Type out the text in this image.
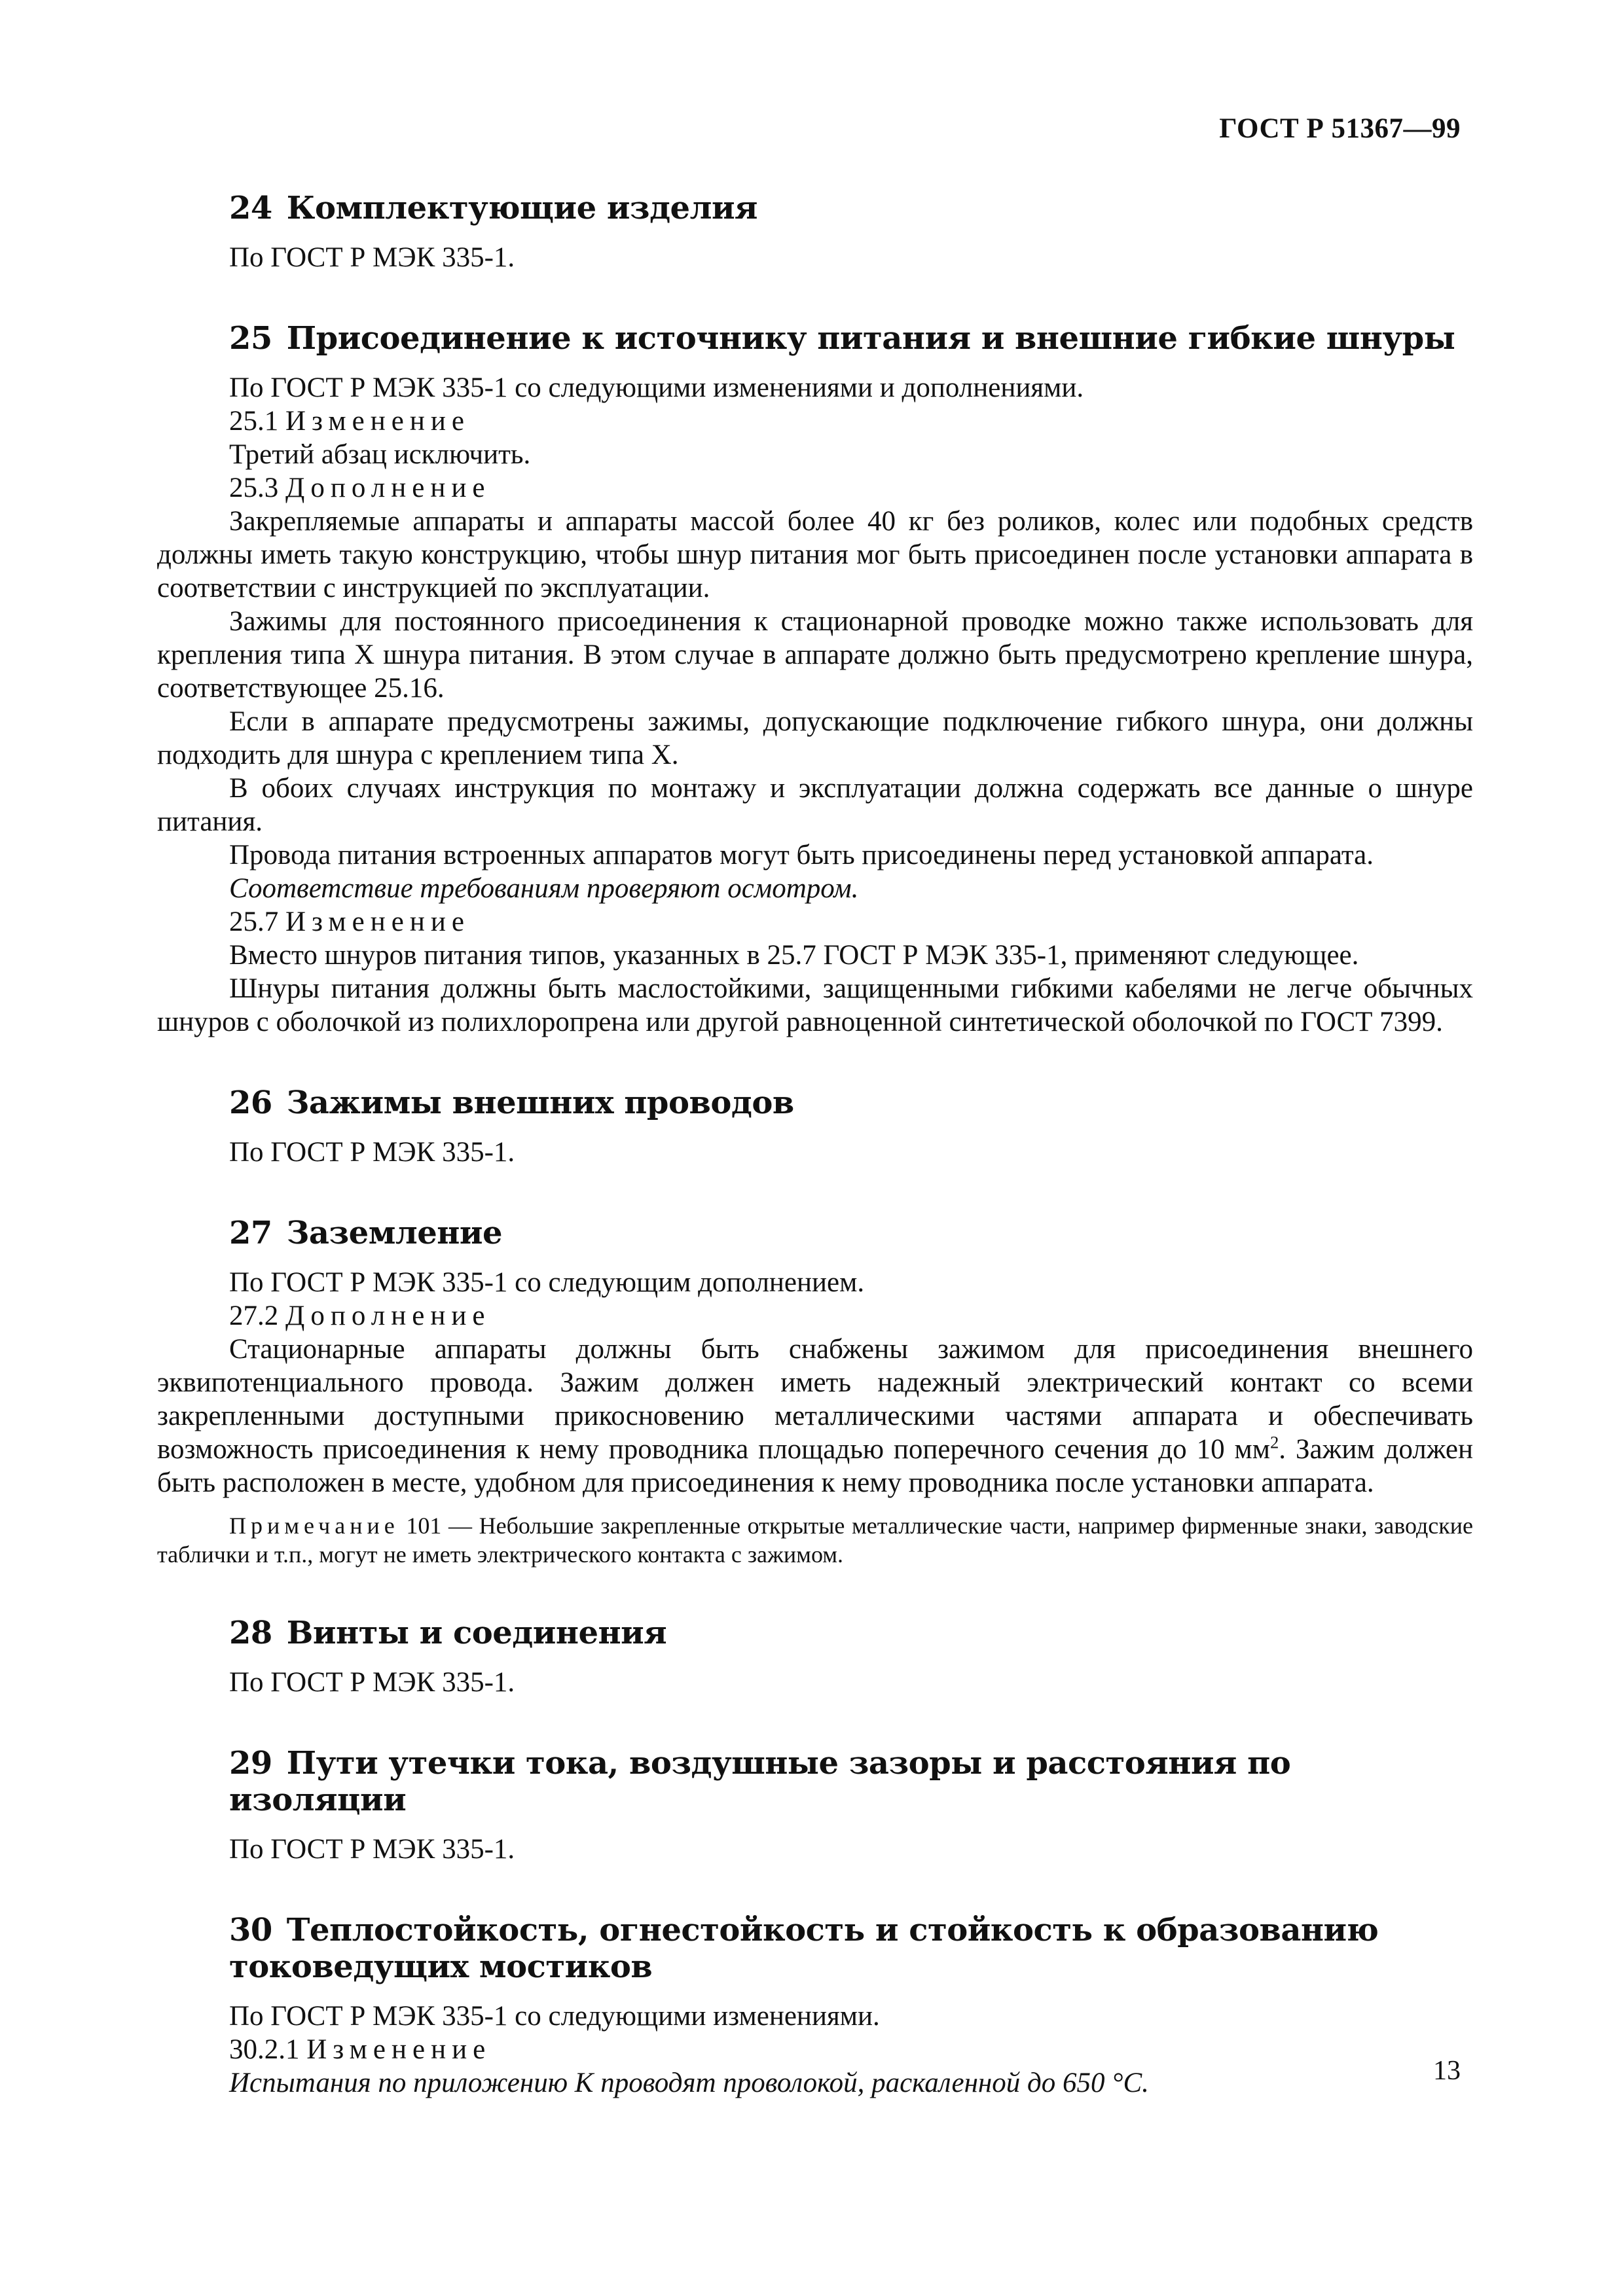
ГОСТ Р 51367—99
24 Комплектующие изделия

По ГОСТ Р МЭК 335-1.

25 Присоединение к источнику питания и внешние гибкие шнуры

По ГОСТ Р МЭК 335-1 со следующими изменениями и дополнениями.

25.1 Изменение

Третий абзац исключить.

25.3 Дополнение

Закрепляемые аппараты и аппараты массой более 40 кг без роликов, колес или подобных средств должны иметь такую конструкцию, чтобы шнур питания мог быть присоединен после установки аппарата в соответствии с инструкцией по эксплуатации.

Зажимы для постоянного присоединения к стационарной проводке можно также использовать для крепления типа X шнура питания. В этом случае в аппарате должно быть предусмотрено крепление шнура, соответствующее 25.16.

Если в аппарате предусмотрены зажимы, допускающие подключение гибкого шнура, они должны подходить для шнура с креплением типа X.

В обоих случаях инструкция по монтажу и эксплуатации должна содержать все данные о шнуре питания.

Провода питания встроенных аппаратов могут быть присоединены перед установкой аппарата.

Соответствие требованиям проверяют осмотром.

25.7 Изменение

Вместо шнуров питания типов, указанных в 25.7 ГОСТ Р МЭК 335-1, применяют следующее.

Шнуры питания должны быть маслостойкими, защищенными гибкими кабелями не легче обычных шнуров с оболочкой из полихлоропрена или другой равноценной синтетической оболочкой по ГОСТ 7399.

26 Зажимы внешних проводов

По ГОСТ Р МЭК 335-1.

27 Заземление

По ГОСТ Р МЭК 335-1 со следующим дополнением.

27.2 Дополнение

Стационарные аппараты должны быть снабжены зажимом для присоединения внешнего эквипотенциального провода. Зажим должен иметь надежный электрический контакт со всеми закрепленными доступными прикосновению металлическими частями аппарата и обеспечивать возможность присоединения к нему проводника площадью поперечного сечения до 10 $мм^2$. Зажим должен быть расположен в месте, удобном для присоединения к нему проводника после установки аппарата.

Примечание 101 — Небольшие закрепленные открытые металлические части, например фирменные знаки, заводские таблички и т.п., могут не иметь электрического контакта с зажимом.

28 Винты и соединения

По ГОСТ Р МЭК 335-1.

29 Пути утечки тока, воздушные зазоры и расстояния по изоляции

По ГОСТ Р МЭК 335-1.

30 Теплостойкость, огнестойкость и стойкость к образованию токоведущих мостиков

По ГОСТ Р МЭК 335-1 со следующими изменениями.

30.2.1 Изменение

Испытания по приложению K проводят проволокой, раскаленной до 650 °С.	13
